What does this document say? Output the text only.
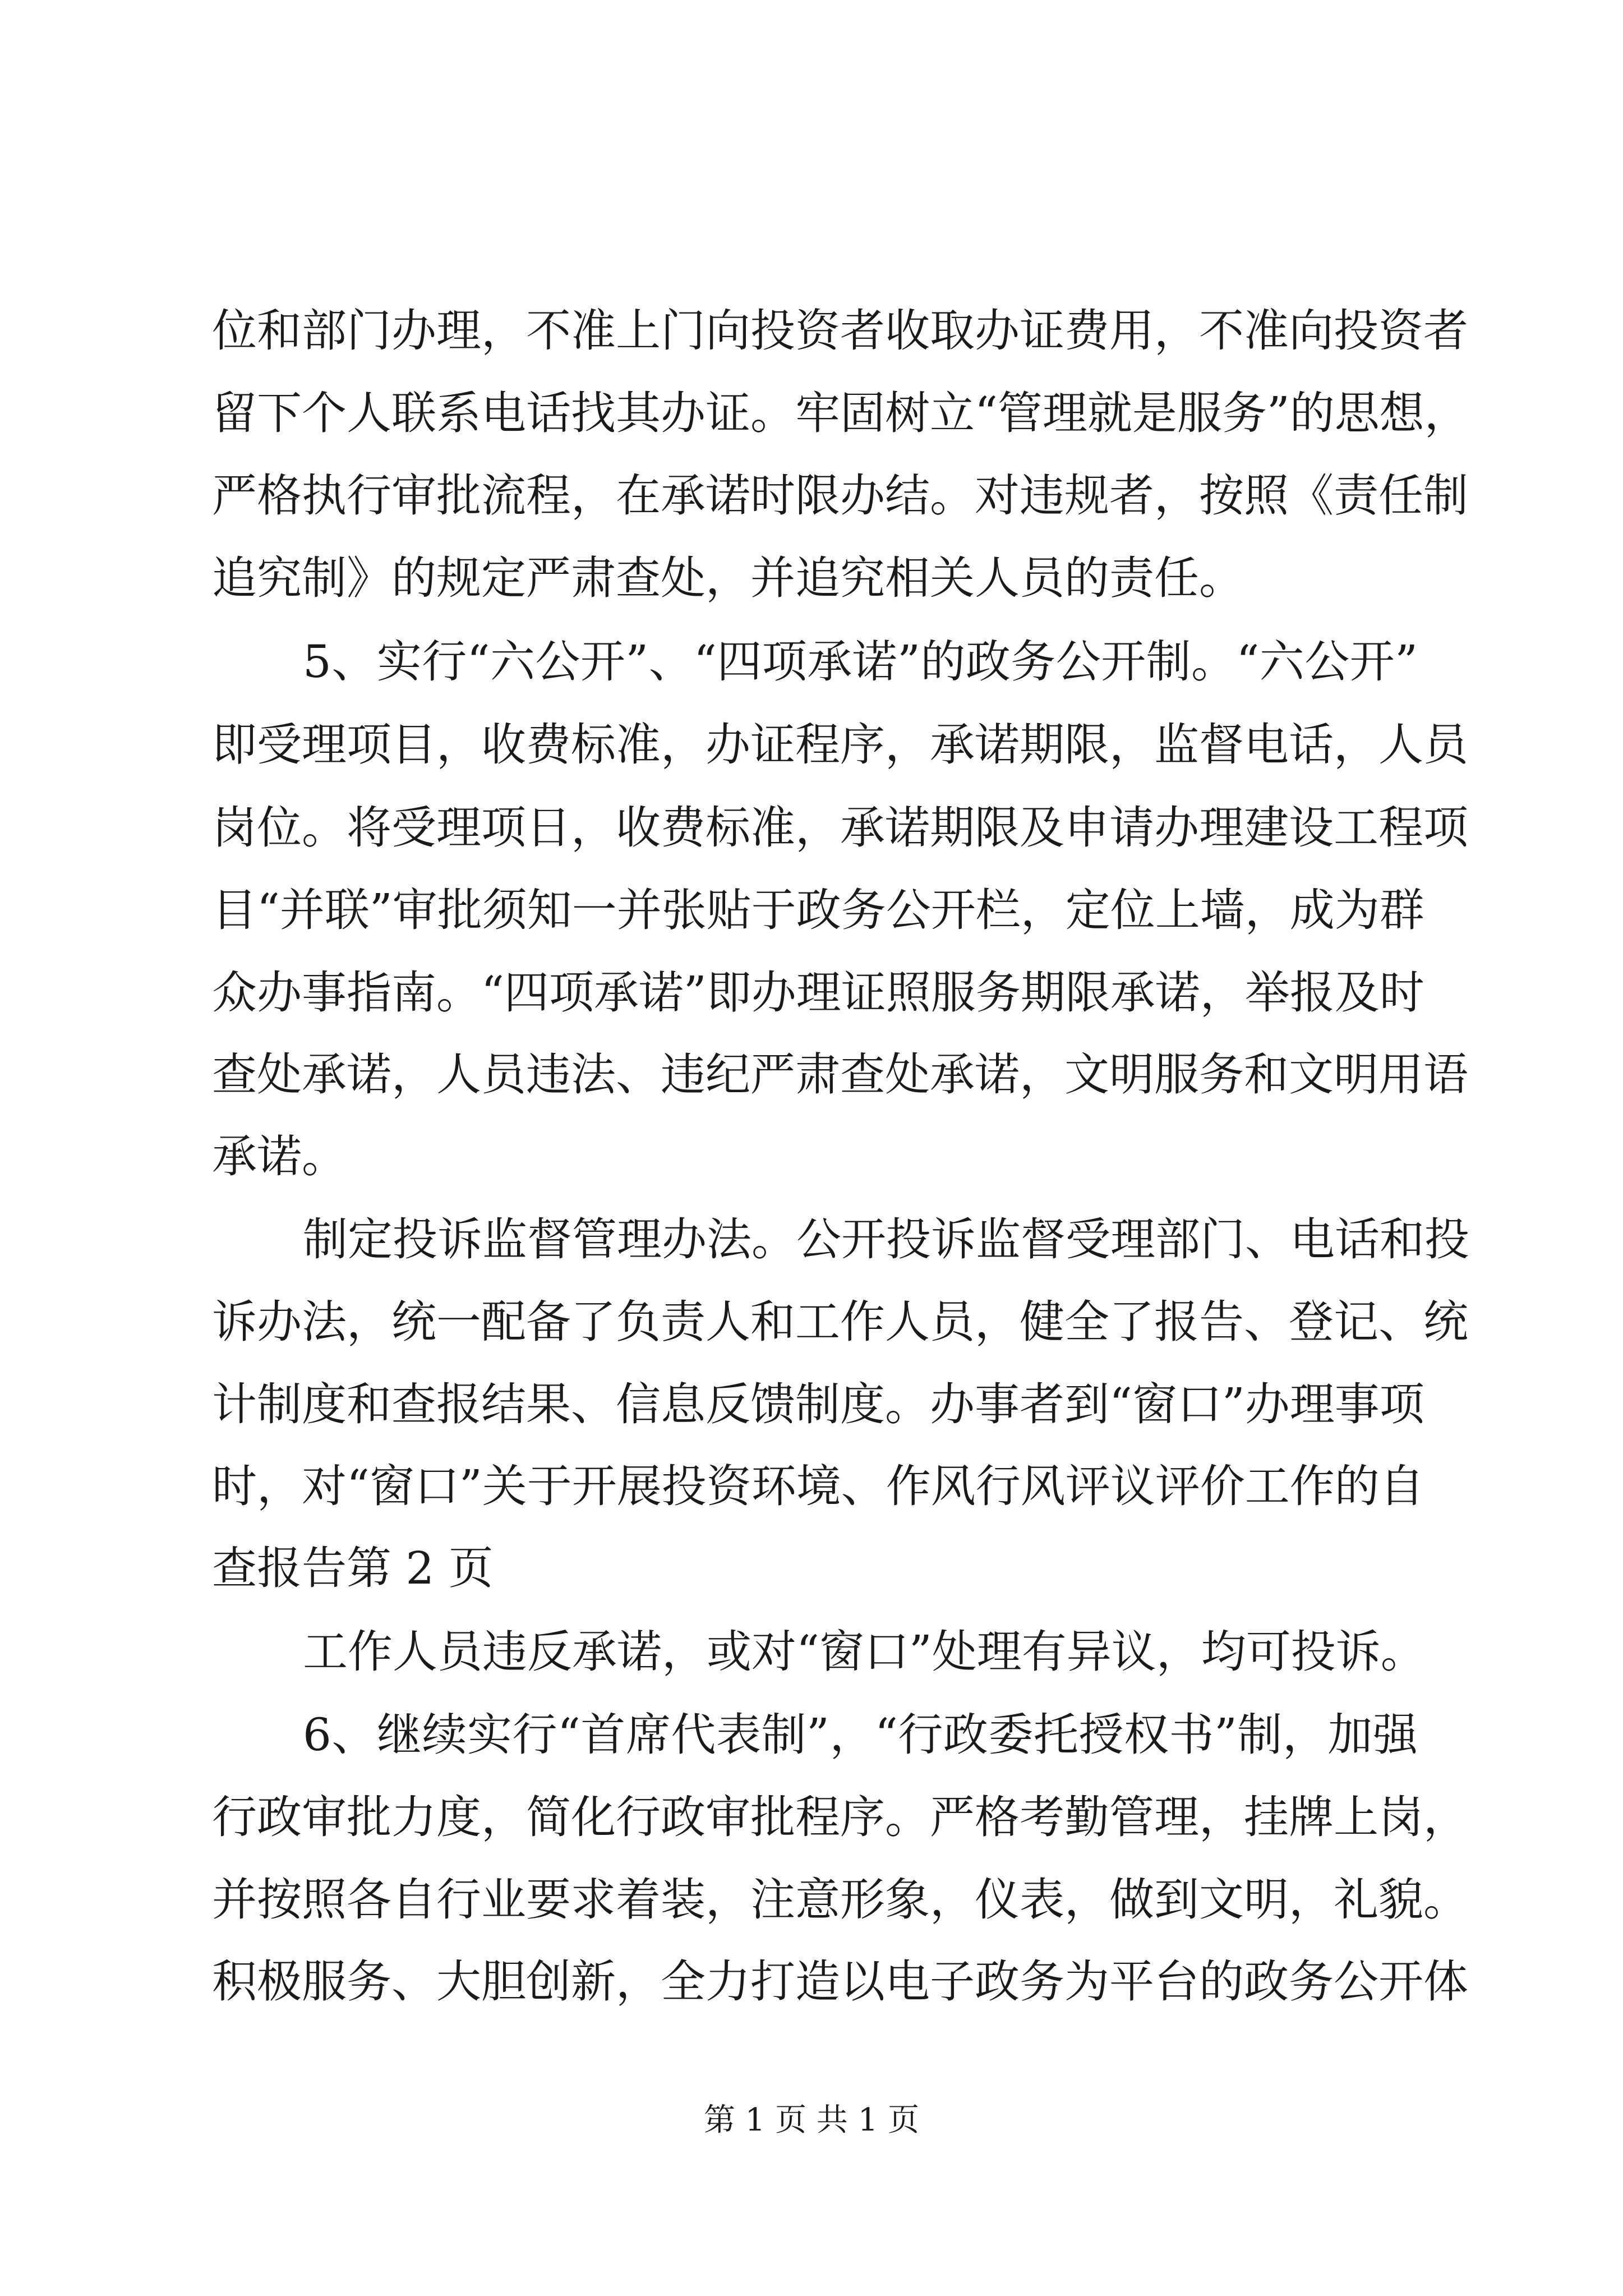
位和部门办理，不准上门向投资者收取办证费用，不准向投资者
留下个人联系电话找其办证。牢固树立“管理就是服务”的思想，
严格执行审批流程，在承诺时限办结。对违规者，按照《责任制
追究制》的规定严肃查处，并追究相关人员的责任。
5、实行“六公开”、“四项承诺”的政务公开制。“六公开”
即受理项目，收费标准，办证程序，承诺期限，监督电话，人员
岗位。将受理项日，收费标准，承诺期限及申请办理建设工程项
目“并联”审批须知一并张贴于政务公开栏，定位上墙，成为群
众办事指南。“四项承诺”即办理证照服务期限承诺，举报及时
查处承诺，人员违法、违纪严肃查处承诺，文明服务和文明用语
承诺。
制定投诉监督管理办法。公开投诉监督受理部门、电话和投
诉办法，统一配备了负责人和工作人员，健全了报告、登记、统
计制度和查报结果、信息反馈制度。办事者到“窗口”办理事项
时，对“窗口”关于开展投资环境、作风行风评议评价工作的自
查报告第 2 页
工作人员违反承诺，或对“窗口”处理有异议，均可投诉。
6、继续实行“首席代表制”，“行政委托授权书”制，加强
行政审批力度，简化行政审批程序。严格考勤管理，挂牌上岗，
并按照各自行业要求着装，注意形象，仪表，做到文明，礼貌。
积极服务、大胆创新，全力打造以电子政务为平台的政务公开体
第 1 页 共 1 页
